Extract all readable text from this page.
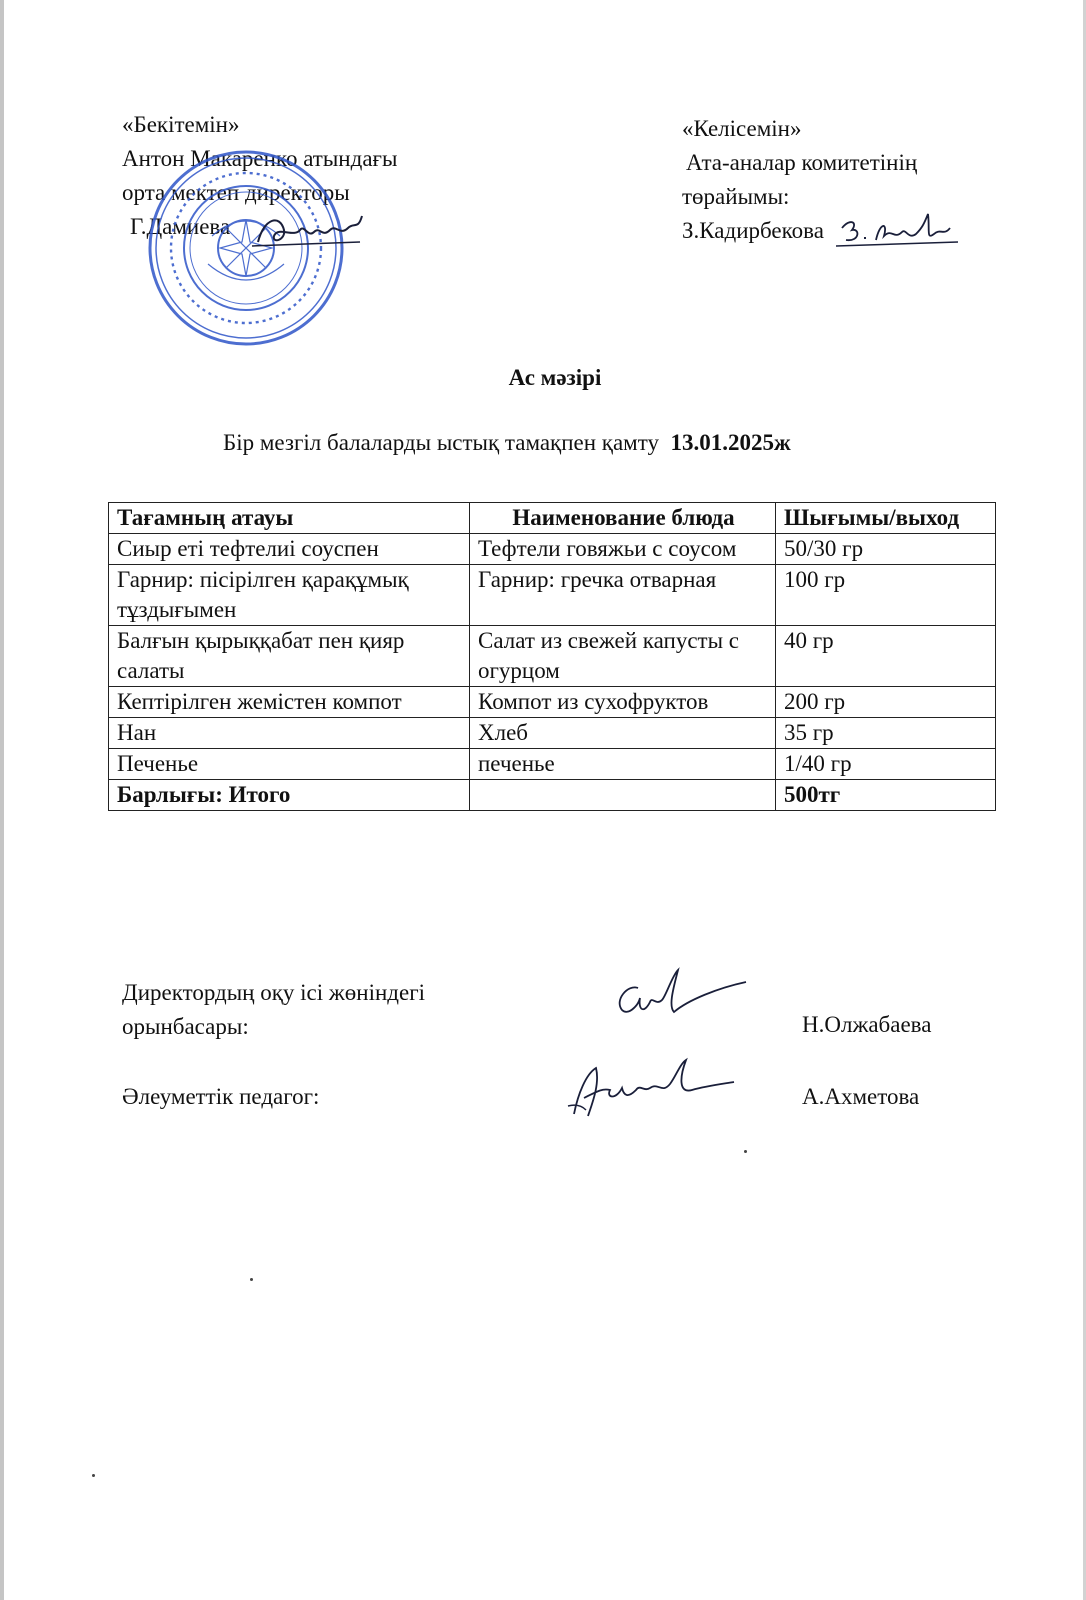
«Бекітемін»
Антон Макаренко атындағы
орта мектеп директоры
Г.Дамиева
«Келісемін»
Ата-аналар комитетінің
төрайымы:
З.Кадирбекова
Ас мәзірі
Бір мезгіл балаларды ыстық тамақпен қамту 13.01.2025ж
Тағамның атауы	Наименование блюда	Шығымы/выход
Сиыр еті тефтелиі соуспен	Тефтели говяжьи с соусом	50/30 гр
Гарнир: пісірілген қарақұмық тұздығымен	Гарнир: гречка отварная	100 гр
Балғын қырыққабат пен қияр салаты	Салат из свежей капусты с огурцом	40 гр
Кептірілген жемістен компот	Компот из сухофруктов	200 гр
Нан	Хлеб	35 гр
Печенье	печенье	1/40 гр
Барлығы: Итого		500тг
Директордың оқу ісі жөніндегі
орынбасары:	Н.Олжабаева
Әлеуметтік педагог:	А.Ахметова
